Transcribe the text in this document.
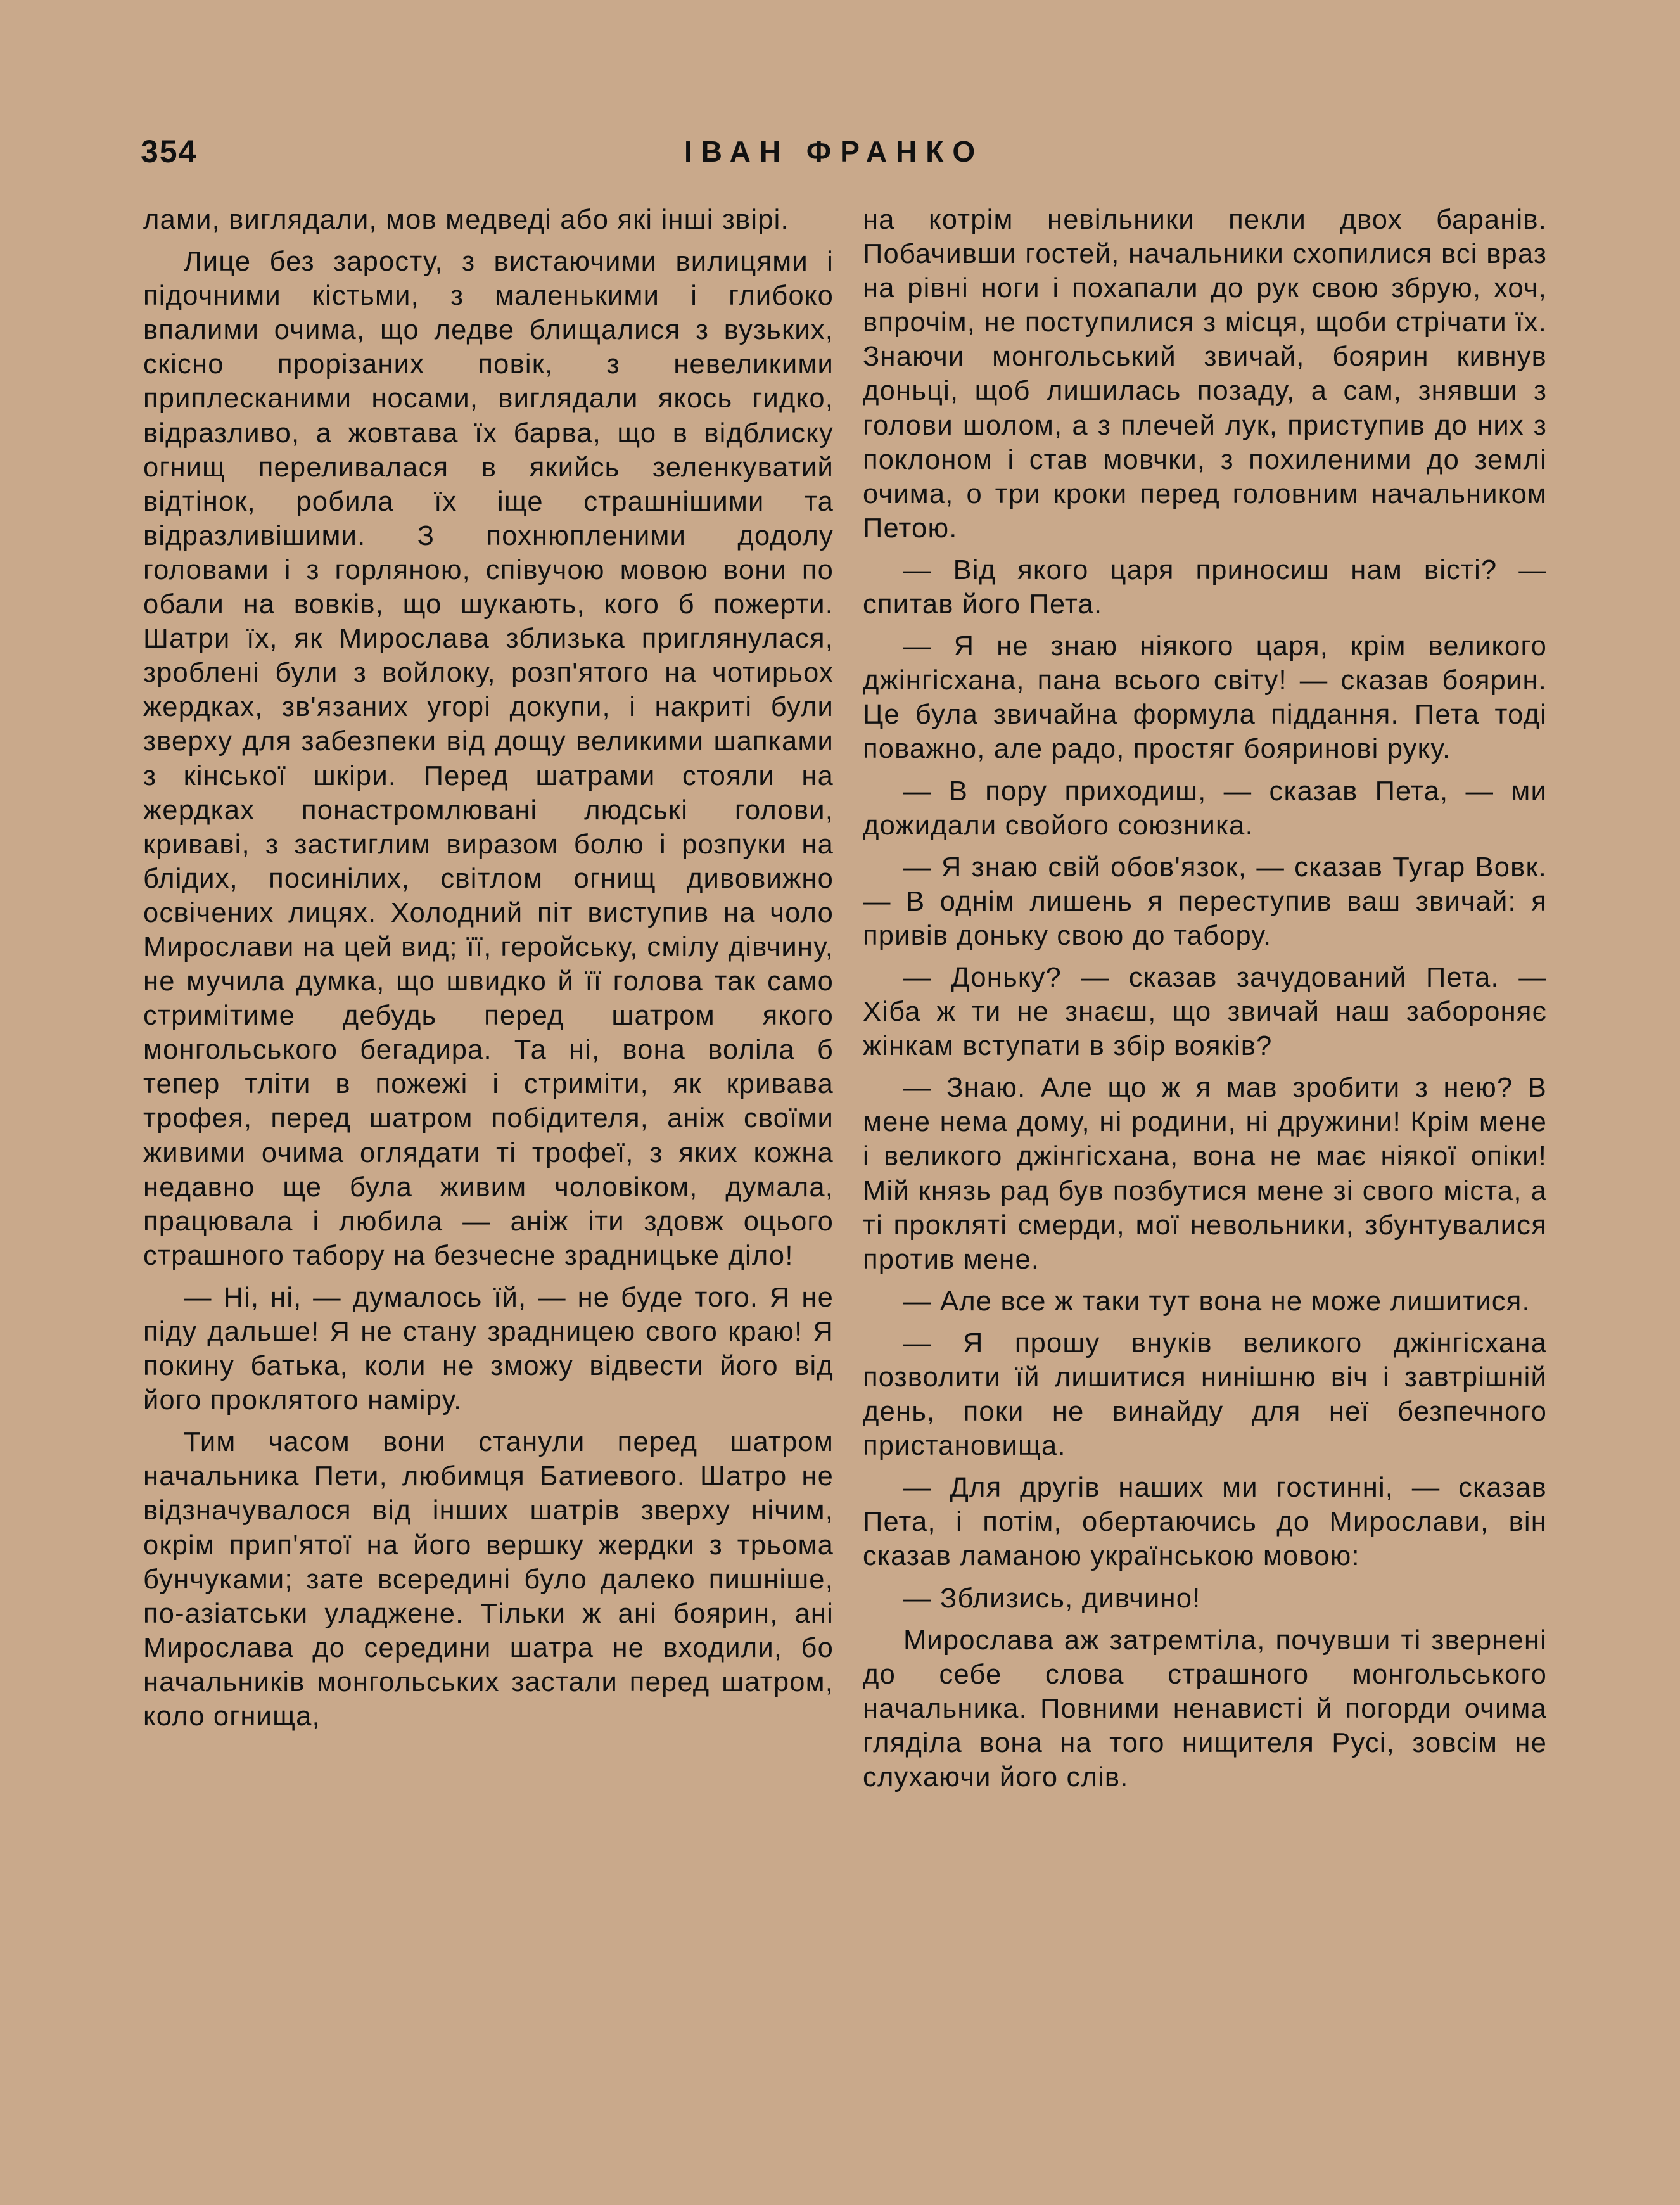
354	ІВАН ФРАНКО

лами, виглядали, мов медведі або які інші звірі.

Лице без заросту, з вистаючими вилицями і підочними кістьми, з маленькими і глибоко впалими очима, що ледве блищалися з вузьких, скісно прорізаних повік, з невеликими приплесканими носами, виглядали якось гидко, відразливо, а жовтава їх барва, що в відблиску огнищ переливалася в якийсь зеленкуватий відтінок, робила їх іще страшнішими та відразливішими. З похнюпленими додолу головами і з горляною, співучою мовою вони по обали на вовків, що шукають, кого б пожерти. Шатри їх, як Мирослава зблизька приглянулася, зроблені були з войлоку, розп'ятого на чотирьох жердках, зв'язаних угорі докупи, і накриті були зверху для забезпеки від дощу великими шапками з кінської шкіри. Перед шатрами стояли на жердках понастромлювані людські голови, криваві, з застиглим виразом болю і розпуки на блідих, посинілих, світлом огнищ дивовижно освічених лицях. Холодний піт виступив на чоло Мирослави на цей вид; її, геройську, смілу дівчину, не мучила думка, що швидко й її голова так само стримітиме дебудь перед шатром якого монгольського бегадира. Та ні, вона воліла б тепер тліти в пожежі і стриміти, як кривава трофея, перед шатром побідителя, аніж своїми живими очима оглядати ті трофеї, з яких кожна недавно ще була живим чоловіком, думала, працювала і любила — аніж іти здовж оцього страшного табору на безчесне зрадницьке діло!

— Ні, ні, — думалось їй, — не буде того. Я не піду дальше! Я не стану зрадницею свого краю! Я покину батька, коли не зможу відвести його від його проклятого наміру.

Тим часом вони станули перед шатром начальника Пети, любимця Батиевого. Шатро не відзначувалося від інших шатрів зверху нічим, окрім прип'ятої на його вершку жердки з трьома бунчуками; зате всередині було далеко пишніше, по-азіатськи уладжене. Тільки ж ані боярин, ані Мирослава до середини шатра не входили, бо начальників монгольських застали перед шатром, коло огнища,

на котрім невільники пекли двох баранів. Побачивши гостей, начальники схопилися всі враз на рівні ноги і похапали до рук свою збрую, хоч, впрочім, не поступилися з місця, щоби стрічати їх. Знаючи монгольський звичай, боярин кивнув доньці, щоб лишилась позаду, а сам, знявши з голови шолом, а з плечей лук, приступив до них з поклоном і став мовчки, з похиленими до землі очима, о три кроки перед головним начальником Петою.

— Від якого царя приносиш нам вісті? — спитав його Пета.

— Я не знаю ніякого царя, крім великого джінгісхана, пана всього світу! — сказав боярин. Це була звичайна формула піддання. Пета тоді поважно, але радо, простяг бояринові руку.

— В пору приходиш, — сказав Пета, — ми дожидали свойого союзника.

— Я знаю свій обов'язок, — сказав Тугар Вовк. — В однім лишень я переступив ваш звичай: я привів доньку свою до табору.

— Доньку? — сказав зачудований Пета. — Хіба ж ти не знаєш, що звичай наш забороняє жінкам вступати в збір вояків?

— Знаю. Але що ж я мав зробити з нею? В мене нема дому, ні родини, ні дружини! Крім мене і великого джінгісхана, вона не має ніякої опіки! Мій князь рад був позбутися мене зі свого міста, а ті прокляті смерди, мої невольники, збунтувалися против мене.

— Але все ж таки тут вона не може лишитися.

— Я прошу внуків великого джінгісхана позволити їй лишитися нинішню віч і завтрішній день, поки не винайду для неї безпечного пристановища.

— Для другів наших ми гостинні, — сказав Пета, і потім, обертаючись до Мирослави, він сказав ламаною українською мовою:

— Зблизись, дивчино!

Мирослава аж затремтіла, почувши ті звернені до себе слова страшного монгольського начальника. Повними ненависті й погорди очима гляділа вона на того нищителя Русі, зовсім не слухаючи його слів.
